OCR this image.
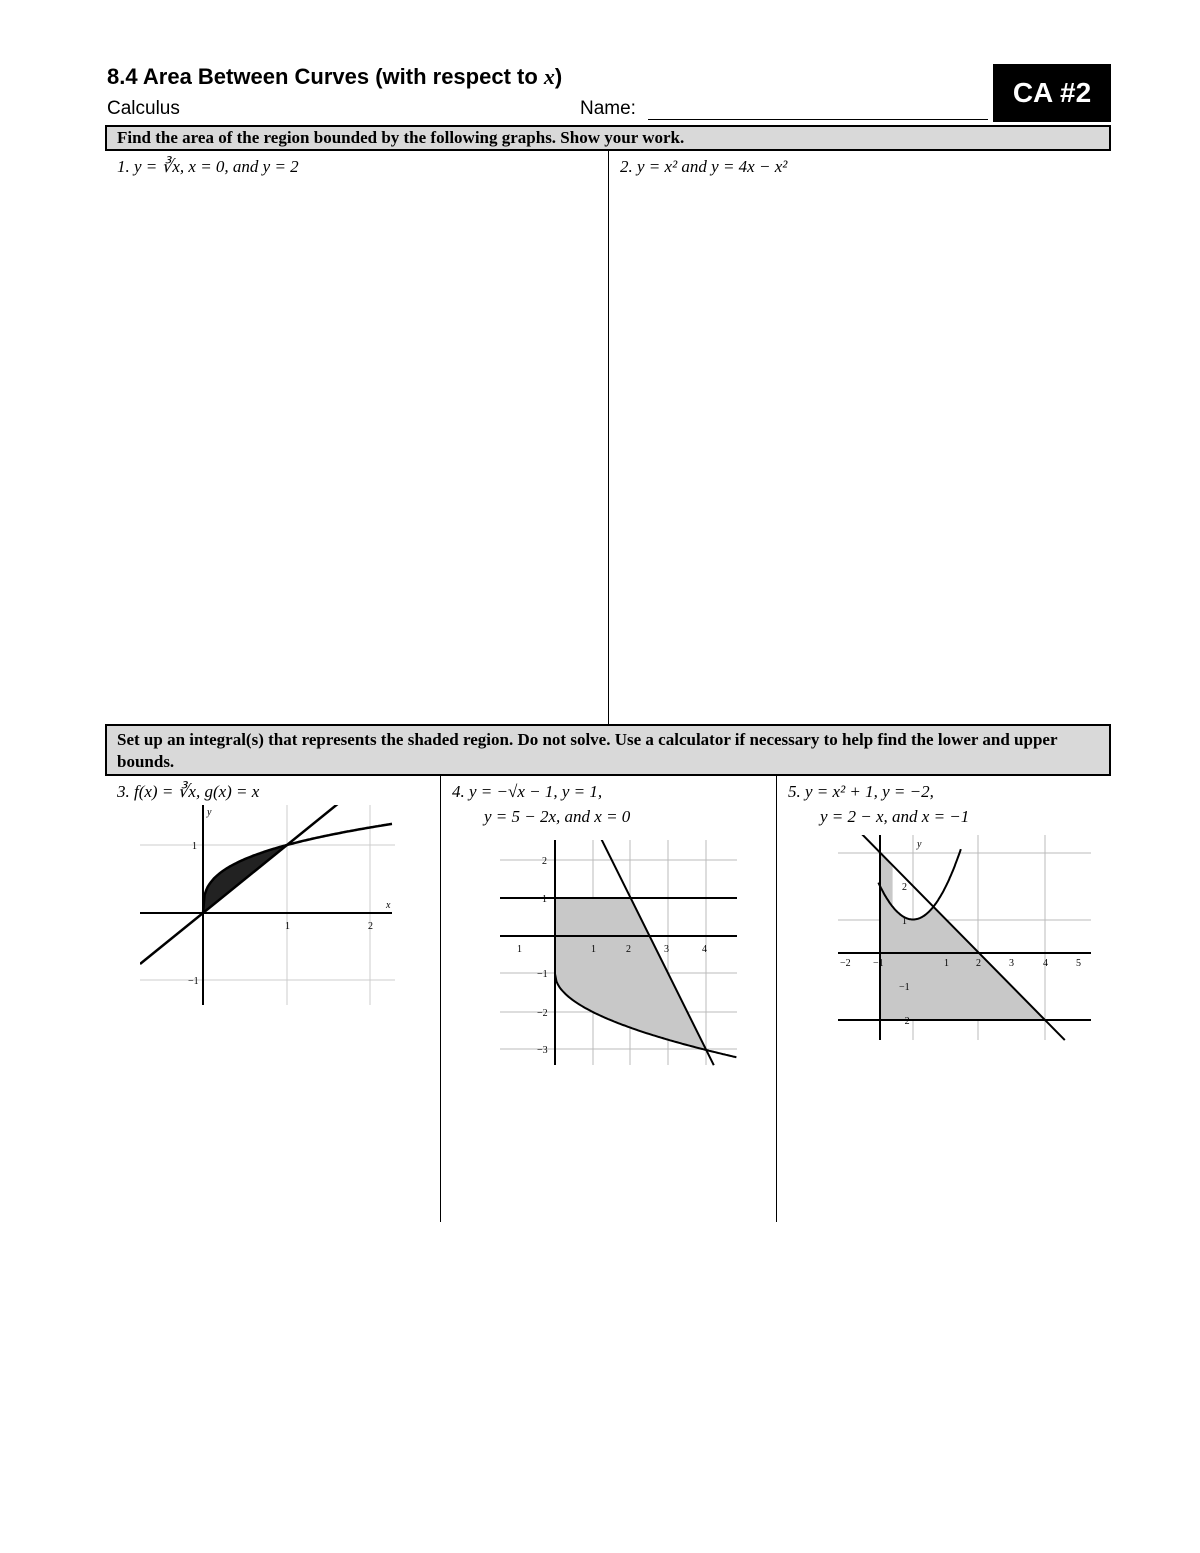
8.4 Area Between Curves (with respect to x)
Calculus	Name:
CA #2
Find the area of the region bounded by the following graphs. Show your work.
1. y = ∛x, x = 0, and y = 2	2. y = x² and y = 4x − x²
Set up an integral(s) that represents the shaded region. Do not solve. Use a calculator if necessary to help find the lower and upper bounds.
3. f(x) = ∛x, g(x) = x	4. y = −√x − 1, y = 1,
y = 5 − 2x, and x = 0
5. y = x² + 1, y = −2,
y = 2 − x, and x = −1
1	2
1
−1
x
y
1	1	2	3	4
2
1
−1
−2
−3
−2 −1	1	2	3	4	5
2
1
−1
−2
y
